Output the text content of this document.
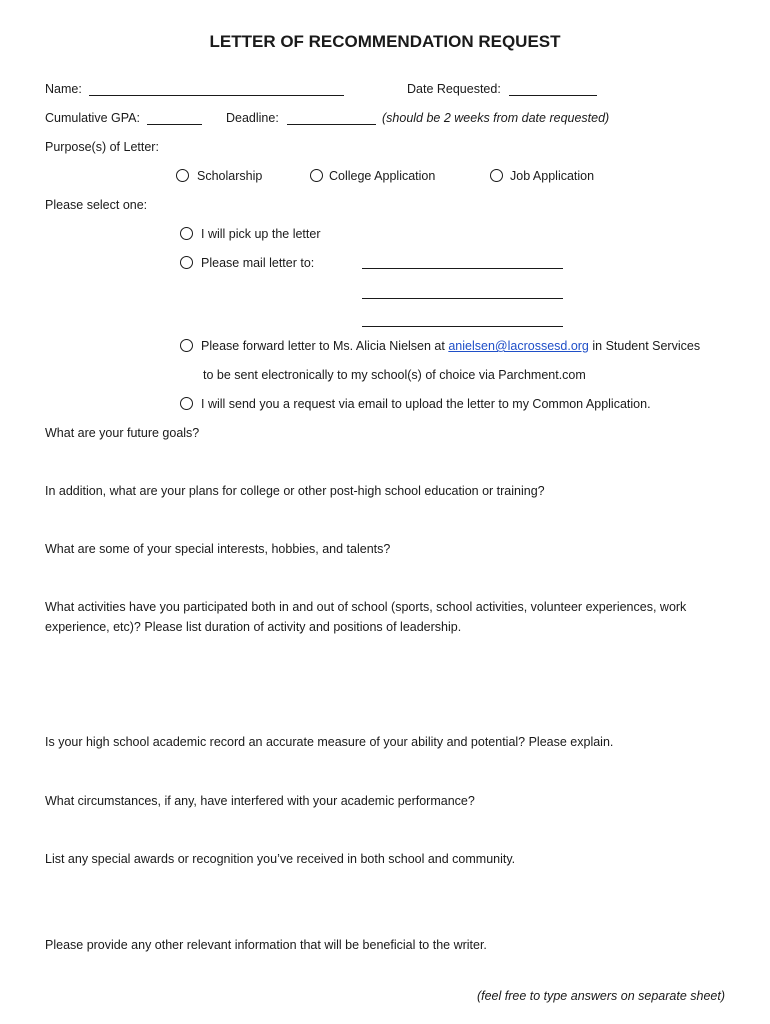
LETTER OF RECOMMENDATION REQUEST
Name:	Date Requested:
Cumulative GPA:	Deadline:	(should be 2 weeks from date requested)
Purpose(s) of Letter:
Scholarship	College Application	Job Application
Please select one:
I will pick up the letter
Please mail letter to:
Please forward letter to Ms. Alicia Nielsen at anielsen@lacrossesd.org in Student Services
to be sent electronically to my school(s) of choice via Parchment.com
I will send you a request via email to upload the letter to my Common Application.
What are your future goals?
In addition, what are your plans for college or other post-high school education or training?
What are some of your special interests, hobbies, and talents?
What activities have you participated both in and out of school (sports, school activities, volunteer experiences, work
experience, etc)? Please list duration of activity and positions of leadership.
Is your high school academic record an accurate measure of your ability and potential? Please explain.
What circumstances, if any, have interfered with your academic performance?
List any special awards or recognition you’ve received in both school and community.
Please provide any other relevant information that will be beneficial to the writer.
(feel free to type answers on separate sheet)
